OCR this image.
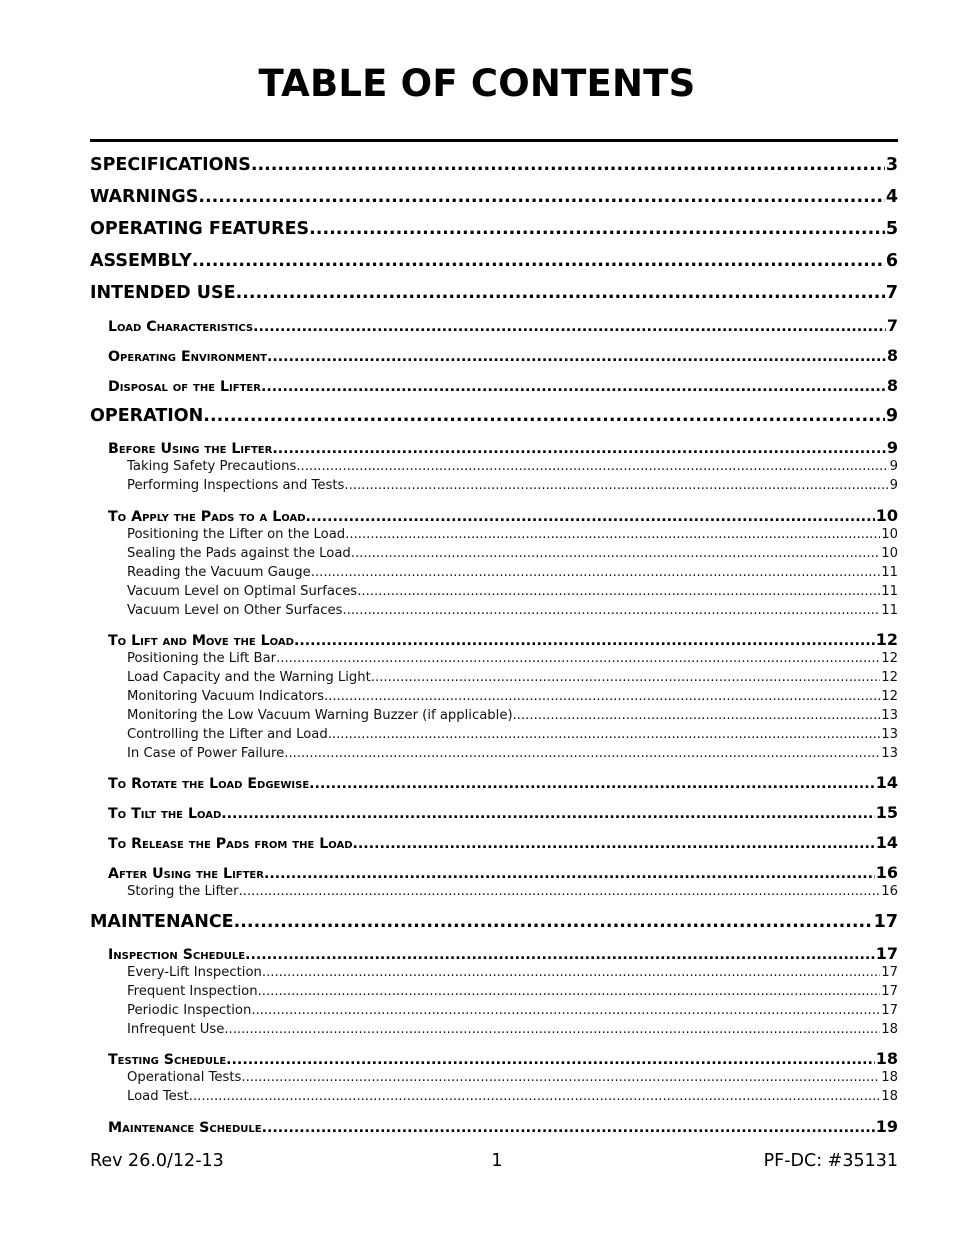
TABLE OF CONTENTS
SPECIFICATIONS .....	3
WARNINGS .....	4
OPERATING FEATURES .....	5
ASSEMBLY .....	6
INTENDED USE .....	7
Load Characteristics .....	7
Operating Environment .....	8
Disposal of the Lifter .....	8
OPERATION .....	9
Before Using the Lifter .....	9
Taking Safety Precautions .....	9
Performing Inspections and Tests .....	9
To Apply the Pads to a Load .....	10
Positioning the Lifter on the Load .....	10
Sealing the Pads against the Load .....	10
Reading the Vacuum Gauge .....	11
Vacuum Level on Optimal Surfaces .....	11
Vacuum Level on Other Surfaces .....	11
To Lift and Move the Load .....	12
Positioning the Lift Bar .....	12
Load Capacity and the Warning Light .....	12
Monitoring Vacuum Indicators .....	12
Monitoring the Low Vacuum Warning Buzzer (if applicable) .....	13
Controlling the Lifter and Load .....	13
In Case of Power Failure .....	13
To Rotate the Load Edgewise .....	14
To Tilt the Load .....	15
To Release the Pads from the Load .....	14
After Using the Lifter .....	16
Storing the Lifter .....	16
MAINTENANCE .....	17
Inspection Schedule .....	17
Every-Lift Inspection .....	17
Frequent Inspection .....	17
Periodic Inspection .....	17
Infrequent Use .....	18
Testing Schedule .....	18
Operational Tests .....	18
Load Test .....	18
Maintenance Schedule .....	19
Rev 26.0/12-13	1	PF-DC: #35131
